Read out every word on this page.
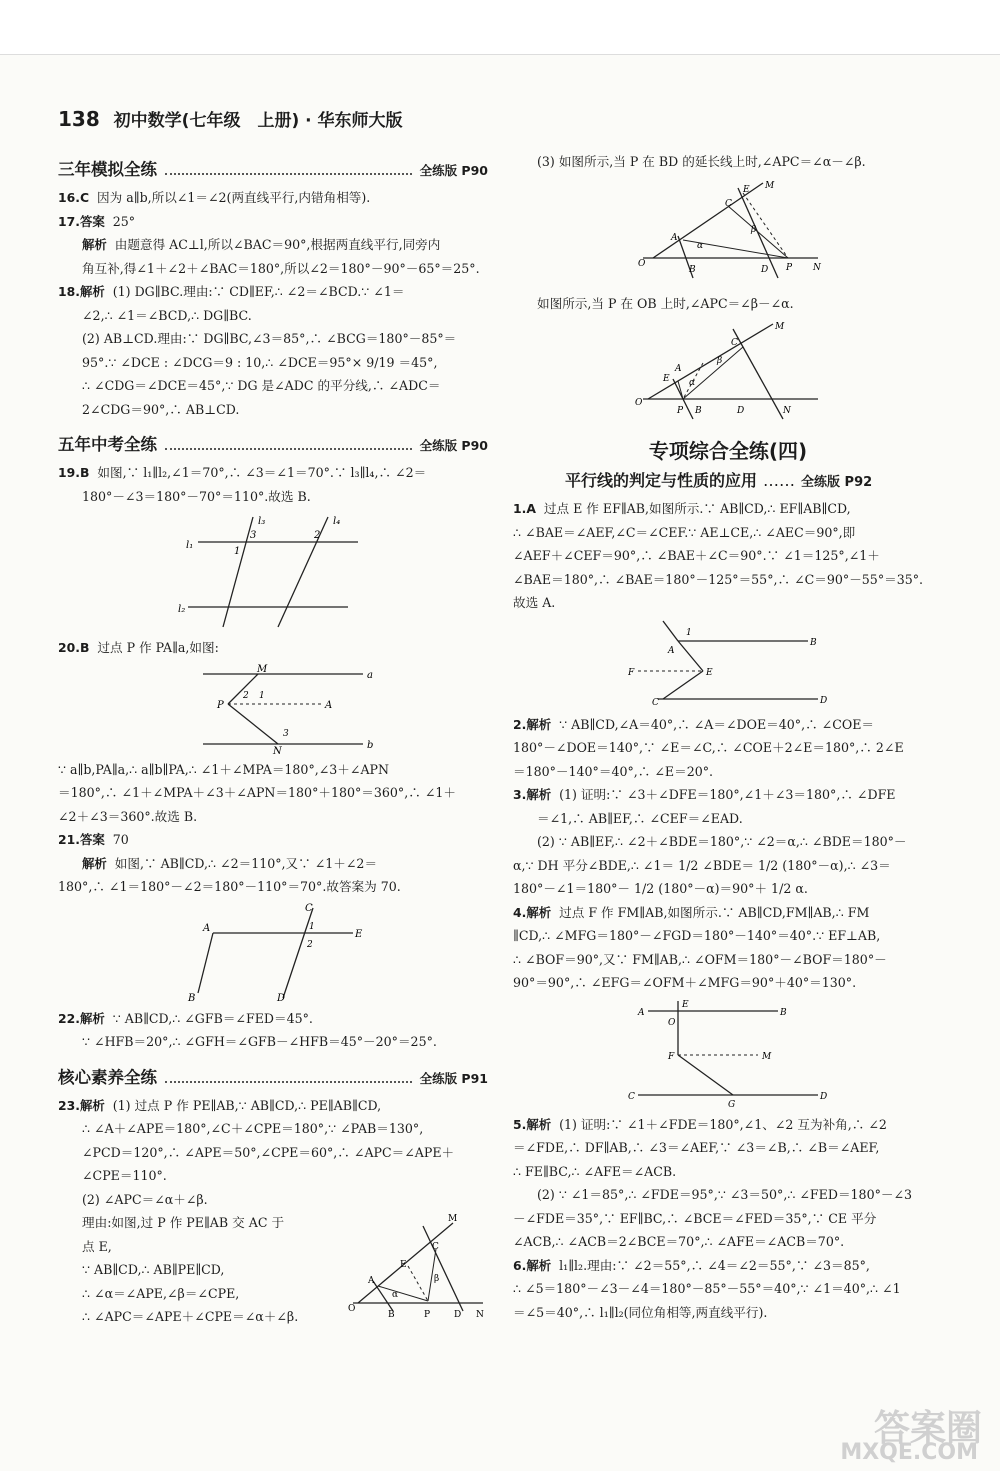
138 初中数学(七年级　上册) · 华东师大版
三年模拟全练	全练版 P90

16.C 因为 a∥b,所以∠1＝∠2(两直线平行,内错角相等).

17.答案 25°

解析 由题意得 AC⊥l,所以∠BAC＝90°,根据两直线平行,同旁内

角互补,得∠1＋∠2＋∠BAC＝180°,所以∠2＝180°－90°－65°＝25°.

18.解析 (1) DG∥BC.理由:∵ CD∥EF,∴ ∠2＝∠BCD.∵ ∠1＝

∠2,∴ ∠1＝∠BCD,∴ DG∥BC.

(2) AB⊥CD.理由:∵ DG∥BC,∠3＝85°,∴ ∠BCG＝180°－85°＝

95°.∵ ∠DCE : ∠DCG＝9 : 10,∴ ∠DCE＝95°× 9/19 ＝45°,

∴ ∠CDG＝∠DCE＝45°,∵ DG 是∠ADC 的平分线,∴ ∠ADC＝

2∠CDG＝90°,∴ AB⊥CD.

五年中考全练	全练版 P90

19.B 如图,∵ l₁∥l₂,∠1＝70°,∴ ∠3＝∠1＝70°.∵ l₃∥l₄,∴ ∠2＝

180°－∠3＝180°－70°＝110°.故选 B.

l₃	l₄
l₁
l₂
3	2
1

20.B 过点 P 作 PA∥a,如图:

M
a
P	A
N
b
2 1
3

∵ a∥b,PA∥a,∴ a∥b∥PA,∴ ∠1＋∠MPA＝180°,∠3＋∠APN

＝180°,∴ ∠1＋∠MPA＋∠3＋∠APN＝180°＋180°＝360°,∴ ∠1＋

∠2＋∠3＝360°.故选 B.

21.答案 70

解析 如图,∵ AB∥CD,∴ ∠2＝110°,又∵ ∠1＋∠2＝

180°,∴ ∠1＝180°－∠2＝180°－110°＝70°.故答案为 70.

A
E
C
B	D
1
2

22.解析 ∵ AB∥CD,∴ ∠GFB＝∠FED＝45°.

∵ ∠HFB＝20°,∴ ∠GFH＝∠GFB－∠HFB＝45°－20°＝25°.

核心素养全练	全练版 P91

23.解析 (1) 过点 P 作 PE∥AB,∵ AB∥CD,∴ PE∥AB∥CD,

∴ ∠A＋∠APE＝180°,∠C＋∠CPE＝180°,∵ ∠PAB＝130°,

∠PCD＝120°,∴ ∠APE＝50°,∠CPE＝60°,∴ ∠APC＝∠APE＋

∠CPE＝110°.

(2) ∠APC＝∠α＋∠β.

理由:如图,过 P 作 PE∥AB 交 AC 于

点 E,

∵ AB∥CD,∴ AB∥PE∥CD,

∴ ∠α＝∠APE,∠β＝∠CPE,

∴ ∠APC＝∠APE＋∠CPE＝∠α＋∠β.	O
M
A
E
C
B	P	D N
α
β

(3) 如图所示,当 P 在 BD 的延长线上时,∠APC＝∠α－∠β.

O
M
E
C
A
B	D P N
α
β

如图所示,当 P 在 OB 上时,∠APC＝∠β－∠α.

O
M
E
A
C
P B	D	N
α
β
专项综合全练(四)
平行线的判定与性质的应用 …… 全练版 P92

1.A 过点 E 作 EF∥AB,如图所示.∵ AB∥CD,∴ EF∥AB∥CD,

∴ ∠BAE＝∠AEF,∠C＝∠CEF.∵ AE⊥CE,∴ ∠AEC＝90°,即

∠AEF＋∠CEF＝90°,∴ ∠BAE＋∠C＝90°.∵ ∠1＝125°,∠1＋

∠BAE＝180°,∴ ∠BAE＝180°－125°＝55°,∴ ∠C＝90°－55°＝35°.

故选 A.

A
1
B
F	E
C	D

2.解析 ∵ AB∥CD,∠A＝40°,∴ ∠A＝∠DOE＝40°,∴ ∠COE＝

180°－∠DOE＝140°,∵ ∠E＝∠C,∴ ∠COE＋2∠E＝180°,∴ 2∠E

＝180°－140°＝40°,∴ ∠E＝20°.

3.解析 (1) 证明:∵ ∠3＋∠DFE＝180°,∠1＋∠3＝180°,∴ ∠DFE

＝∠1,∴ AB∥EF,∴ ∠CEF＝∠EAD.

(2) ∵ AB∥EF,∴ ∠2＋∠BDE＝180°,∵ ∠2＝α,∴ ∠BDE＝180°－

α,∵ DH 平分∠BDE,∴ ∠1＝ 1/2 ∠BDE＝ 1/2 (180°－α),∴ ∠3＝

180°－∠1＝180°－ 1/2 (180°－α)＝90°＋ 1/2 α.

4.解析 过点 F 作 FM∥AB,如图所示.∵ AB∥CD,FM∥AB,∴ FM

∥CD,∴ ∠MFG＝180°－∠FGD＝180°－140°＝40°.∵ EF⊥AB,

∴ ∠BOF＝90°,又∵ FM∥AB,∴ ∠OFM＝180°－∠BOF＝180°－

90°＝90°,∴ ∠EFG＝∠OFM＋∠MFG＝90°＋40°＝130°.

E
A
O
B
F	M
C
G
D

5.解析 (1) 证明:∵ ∠1＋∠FDE＝180°,∠1、∠2 互为补角,∴ ∠2

＝∠FDE,∴ DF∥AB,∴ ∠3＝∠AEF,∵ ∠3＝∠B,∴ ∠B＝∠AEF,

∴ FE∥BC,∴ ∠AFE＝∠ACB.

(2) ∵ ∠1＝85°,∴ ∠FDE＝95°,∵ ∠3＝50°,∴ ∠FED＝180°－∠3

－∠FDE＝35°,∵ EF∥BC,∴ ∠BCE＝∠FED＝35°,∵ CE 平分

∠ACB,∴ ∠ACB＝2∠BCE＝70°,∴ ∠AFE＝∠ACB＝70°.

6.解析 l₁∥l₂.理由:∵ ∠2＝55°,∴ ∠4＝∠2＝55°,∵ ∠3＝85°,

∴ ∠5＝180°－∠3－∠4＝180°－85°－55°＝40°,∵ ∠1＝40°,∴ ∠1

＝∠5＝40°,∴ l₁∥l₂(同位角相等,两直线平行).

答案圈
MXQE.COM
